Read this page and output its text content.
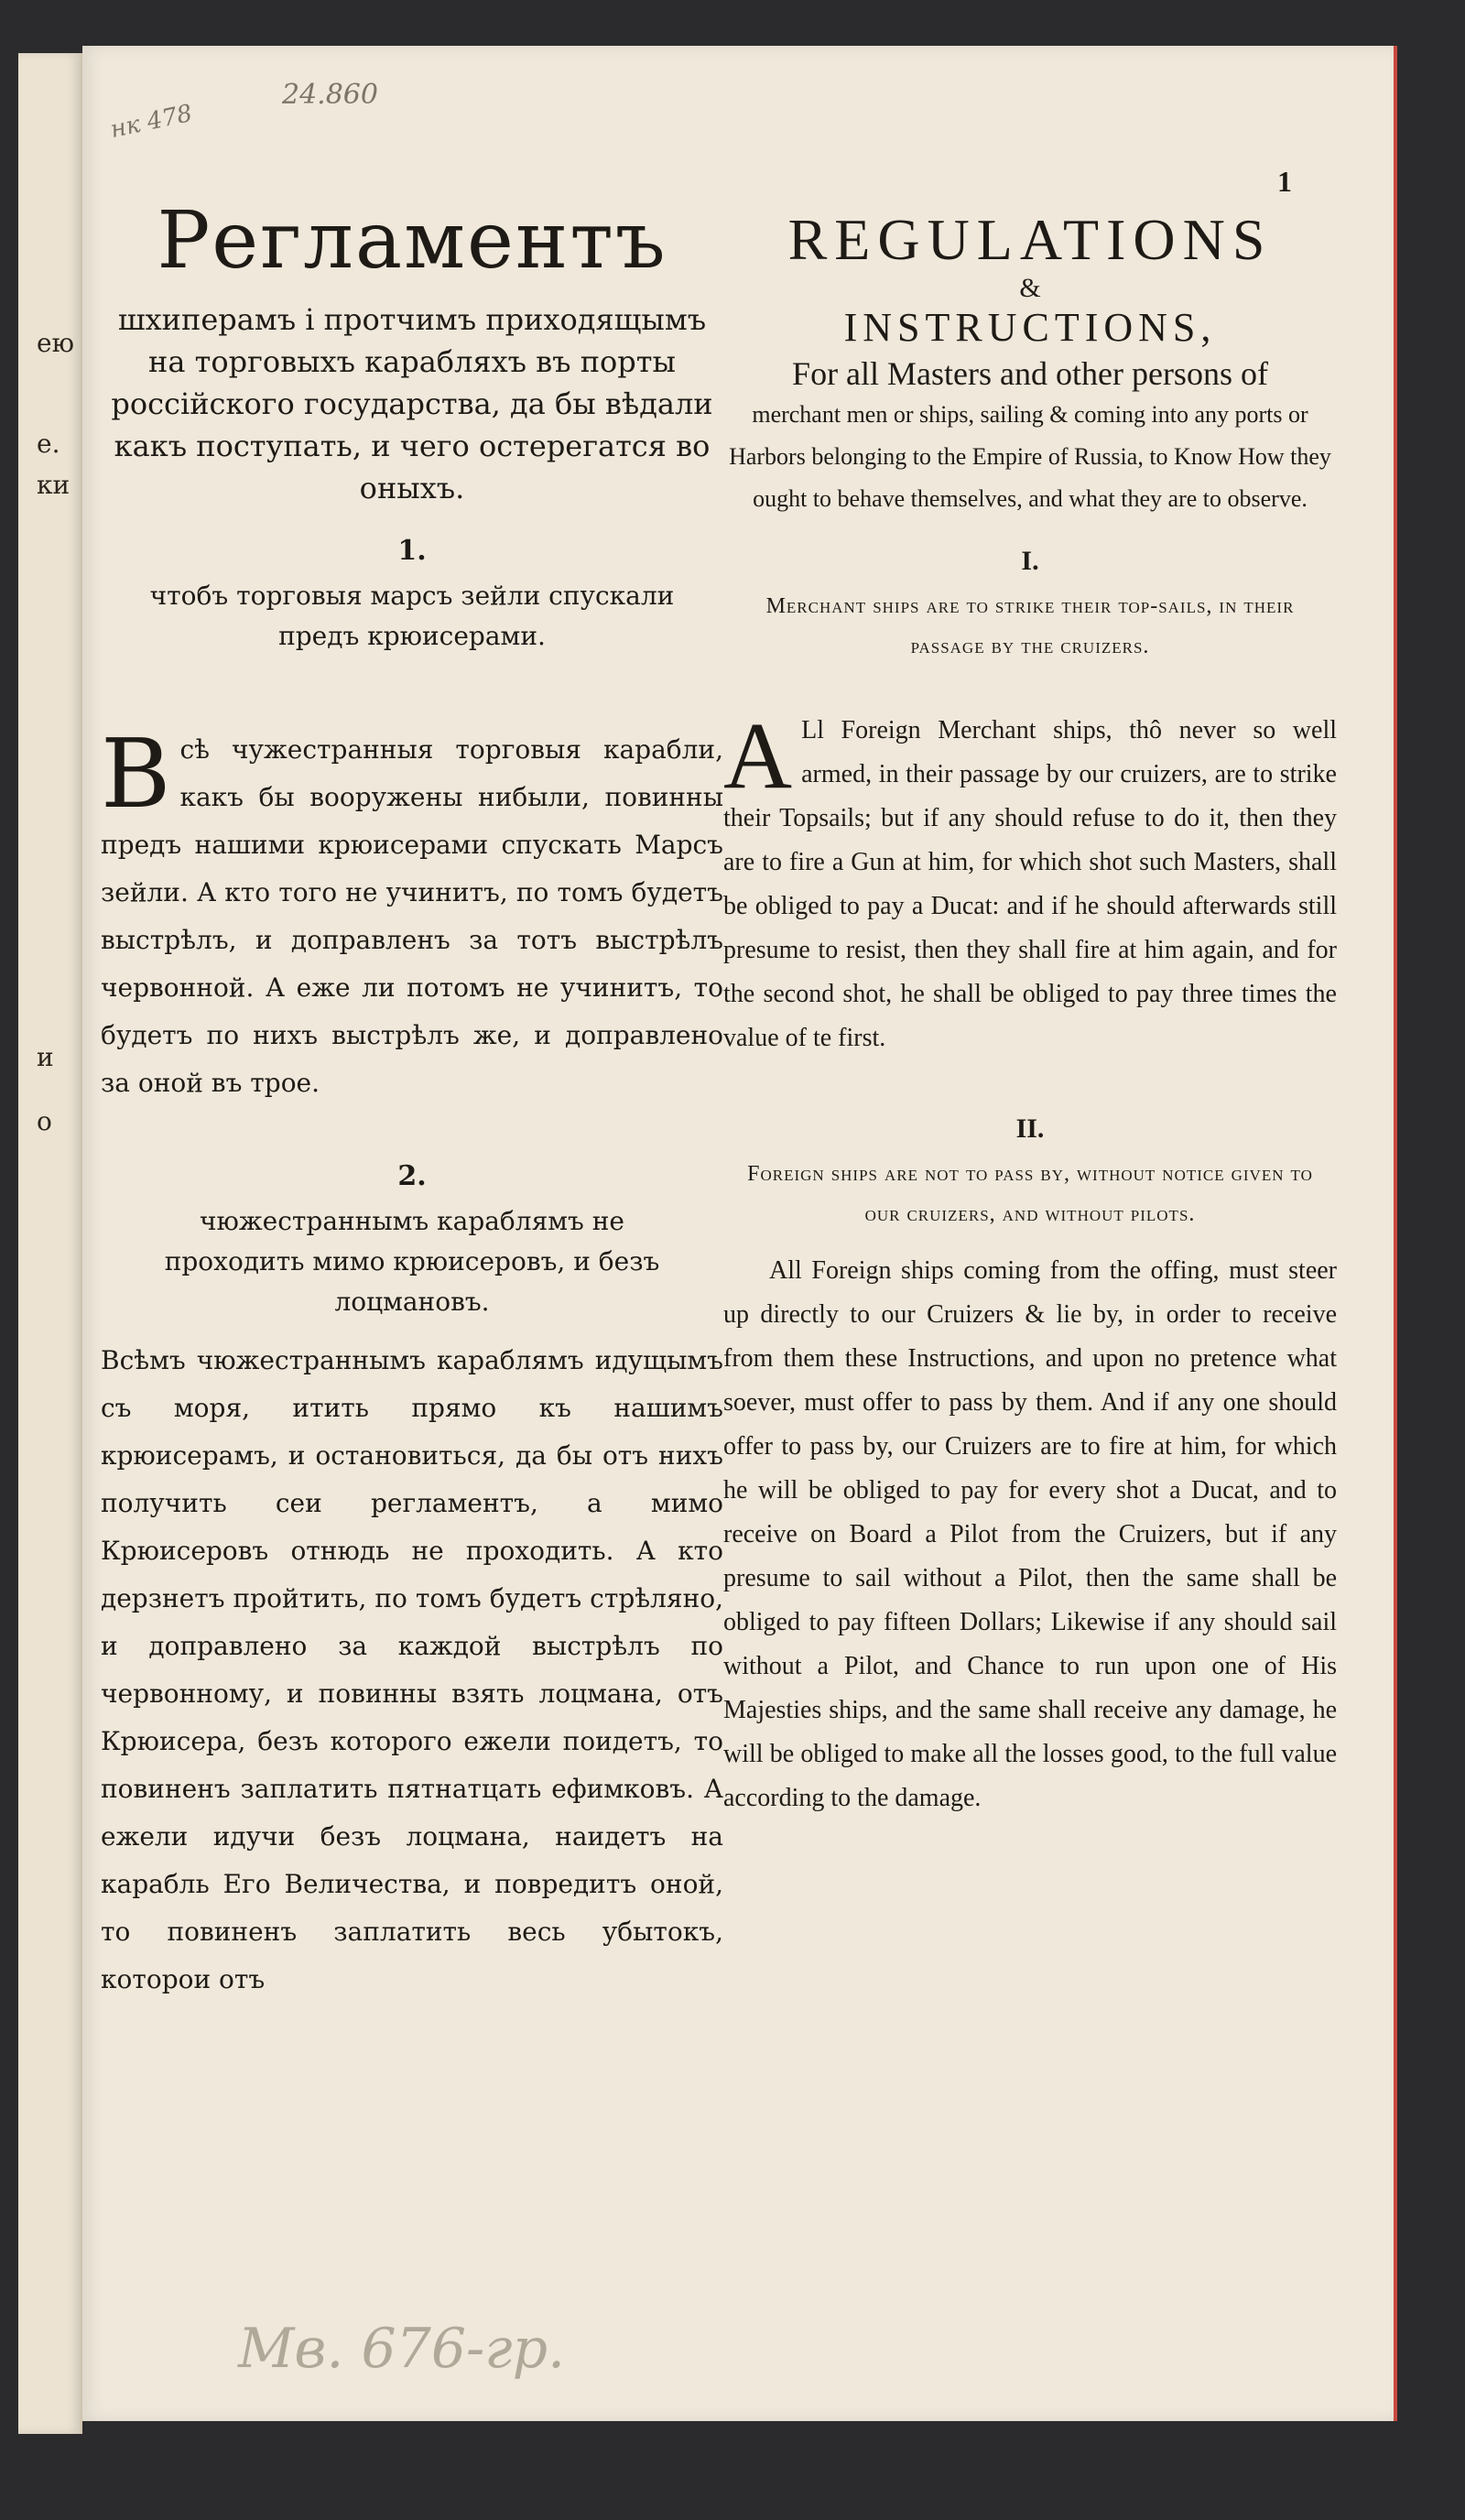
ею
е.
ки
и
о
нк 478
24.860
Мв. 676-гр.
1
Регламентъ

шхиперамъ і протчимъ приходящымъ на торговыхъ карабляхъ въ порты россiйского государства, да бы вѣдали какъ поступать, и чего остерегатся во оныхъ.

1.
чтобъ торговыя марсъ зейли спускали предъ крюисерами.

Всѣ чужестранныя торговыя карабли, какъ бы вооружены нибыли, повинны предъ нашими крюисерами спускать Марсъ зейли. А кто того не учинитъ, по томъ будетъ выстрѣлъ, и доправленъ за тотъ выстрѣлъ червонной. А еже ли потомъ не учинитъ, то будетъ по нихъ выстрѣлъ же, и доправлено за оной въ трое.

2.
чюжестраннымъ караблямъ не проходить мимо крюисеровъ, и безъ лоцмановъ.

Всѣмъ чюжестраннымъ караблямъ идущымъ съ моря, итить прямо къ нашимъ крюисерамъ, и остановиться, да бы отъ нихъ получить сеи регламентъ, а мимо Крюисеровъ отнюдь не проходить. А кто дерзнетъ пройтить, по томъ будетъ стрѣляно, и доправлено за каждой выстрѣлъ по червонному, и повинны взять лоцмана, отъ Крюисера, безъ которого ежели поидетъ, то повиненъ заплатить пятнатцать ефимковъ. А ежели идучи безъ лоцмана, наидетъ на карабль Его Величества, и повредитъ оной, то повиненъ заплатить весь убытокъ, которои отъ

REGULATIONS
&
INSTRUCTIONS,
For all Masters and other persons of
merchant men or ships, sailing & coming into any ports or Harbors belonging to the Empire of Russia, to Know How they ought to behave themselves, and what they are to observe.
I.
Merchant ships are to strike their top-sails, in their passage by the cruizers.

A Ll Foreign Merchant ships, thô never so well armed, in their passage by our cruizers, are to strike their Topsails; but if any should refuse to do it, then they are to fire a Gun at him, for which shot such Masters, shall be obliged to pay a Ducat: and if he should afterwards still presume to resist, then they shall fire at him again, and for the second shot, he shall be obliged to pay three times the value of te first.

II.
Foreign ships are not to pass by, without notice given to our cruizers, and without pilots.

All Foreign ships coming from the offing, must steer up directly to our Cruizers & lie by, in order to receive from them these Instructions, and upon no pretence what soever, must offer to pass by them. And if any one should offer to pass by, our Cruizers are to fire at him, for which he will be obliged to pay for every shot a Ducat, and to receive on Board a Pilot from the Cruizers, but if any presume to sail without a Pilot, then the same shall be obliged to pay fifteen Dollars; Likewise if any should sail without a Pilot, and Chance to run upon one of His Majesties ships, and the same shall receive any damage, he will be obliged to make all the losses good, to the full value according to the damage.
